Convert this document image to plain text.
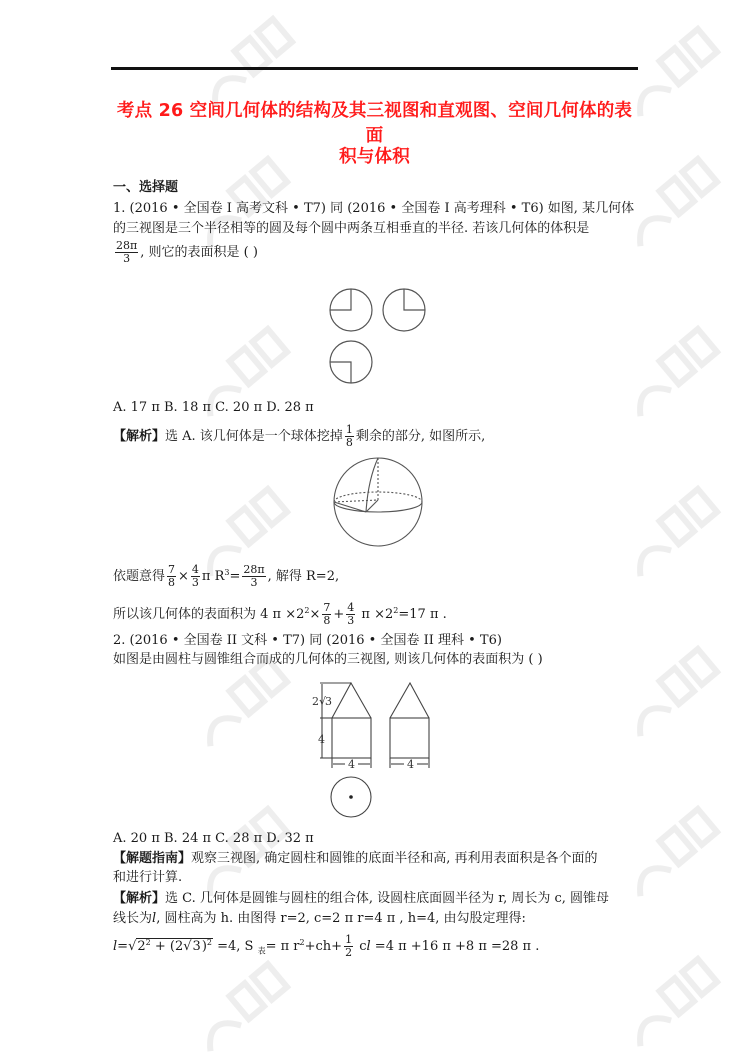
考点 26 空间几何体的结构及其三视图和直观图、空间几何体的表面
积与体积
一、选择题
1. (2016 • 全国卷 I 高考文科 • T7) 同 (2016 • 全国卷 I 高考理科 • T6) 如图, 某几何体
的三视图是三个半径相等的圆及每个圆中两条互相垂直的半径. 若该几何体的体积是
$\frac{28\pi}{3}$ , 则它的表面积是 ( )
A. 17 π B. 18 π C. 20 π D. 28 π
【解析】选 A. 该几何体是一个球体挖掉 $\frac{1}{8}$ 剩余的部分, 如图所示,
依题意得 $\frac{7}{8} \times \frac{4}{3}$ π $R^3= \frac{28\pi}{3}$ , 解得 R=2,
所以该几何体的表面积为 4 $\pi \times 2^2\times \frac{7}{8} + \frac{4}{3}$ $\pi \times 2^2=17$ π .
2. (2016 • 全国卷 II 文科 • T7) 同 (2016 • 全国卷 II 理科 • T6)
如图是由圆柱与圆锥组合而成的几何体的三视图, 则该几何体的表面积为 ( )
2 √
3
4
4	4
A. 20 π B. 24 π C. 28 π D. 32 π
【解题指南】观察三视图, 确定圆柱和圆锥的底面半径和高, 再利用表面积是各个面的
和进行计算.
【解析】选 C. 几何体是圆锥与圆柱的组合体, 设圆柱底面圆半径为 r, 周长为 c, 圆锥母
线长为l, 圆柱高为 h. 由图得 r=2, c=2 π r=4 π , h=4, 由勾股定理得:
$l=√2^2 + (2√3)^2 =4$, S $_表$= π $r^2+ch+ \frac{1}{2}$ cl =4 π +16 π +8 π =28 π .
